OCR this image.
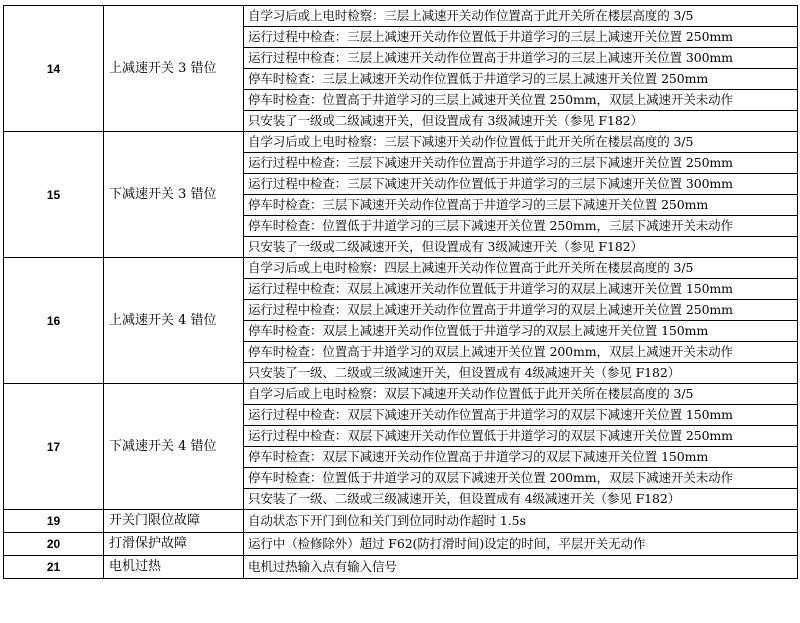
14	上减速开关 3 错位	自学习后或上电时检察：三层上减速开关动作位置高于此开关所在楼层高度的 3/5
		运行过程中检查：三层上减速开关动作位置低于井道学习的三层上减速开关位置 250mm
		运行过程中检查：三层上减速开关动作位置高于井道学习的三层上减速开关位置 300mm
		停车时检查：三层上减速开关动作位置低于井道学习的三层上减速开关位置 250mm
		停车时检查：位置高于井道学习的三层上减速开关位置 250mm，双层上减速开关未动作
		只安装了一级或二级减速开关，但设置成有 3级减速开关（参见 F182）
15	下减速开关 3 错位	自学习后或上电时检察：三层下减速开关动作位置低于此开关所在楼层高度的 3/5
		运行过程中检查：三层下减速开关动作位置高于井道学习的三层下减速开关位置 250mm
		运行过程中检查：三层下减速开关动作位置低于井道学习的三层下减速开关位置 300mm
		停车时检查：三层下减速开关动作位置高于井道学习的三层下减速开关位置 250mm
		停车时检查：位置低于井道学习的三层下减速开关位置 250mm，三层下减速开关未动作
		只安装了一级或二级减速开关，但设置成有 3级减速开关（参见 F182）
16	上减速开关 4 错位	自学习后或上电时检察：四层上减速开关动作位置高于此开关所在楼层高度的 3/5
		运行过程中检查：双层上减速开关动作位置低于井道学习的双层上减速开关位置 150mm
		运行过程中检查：双层上减速开关动作位置高于井道学习的双层上减速开关位置 250mm
		停车时检查：双层上减速开关动作位置低于井道学习的双层上减速开关位置 150mm
		停车时检查：位置高于井道学习的双层上减速开关位置 200mm，双层上减速开关未动作
		只安装了一级、二级或三级减速开关，但设置成有 4级减速开关（参见 F182）
17	下减速开关 4 错位	自学习后或上电时检察：双层下减速开关动作位置低于此开关所在楼层高度的 3/5
		运行过程中检查：双层下减速开关动作位置高于井道学习的双层下减速开关位置 150mm
		运行过程中检查：双层下减速开关动作位置低于井道学习的双层下减速开关位置 250mm
		停车时检查：双层下减速开关动作位置高于井道学习的双层下减速开关位置 150mm
		停车时检查：位置低于井道学习的双层下减速开关位置 200mm，双层下减速开关未动作
		只安装了一级、二级或三级减速开关，但设置成有 4级减速开关（参见 F182）
19	开关门限位故障	自动状态下开门到位和关门到位同时动作超时 1.5s
20	打滑保护故障	运行中（检修除外）超过 F62(防打滑时间)设定的时间，平层开关无动作
21	电机过热	电机过热输入点有输入信号
